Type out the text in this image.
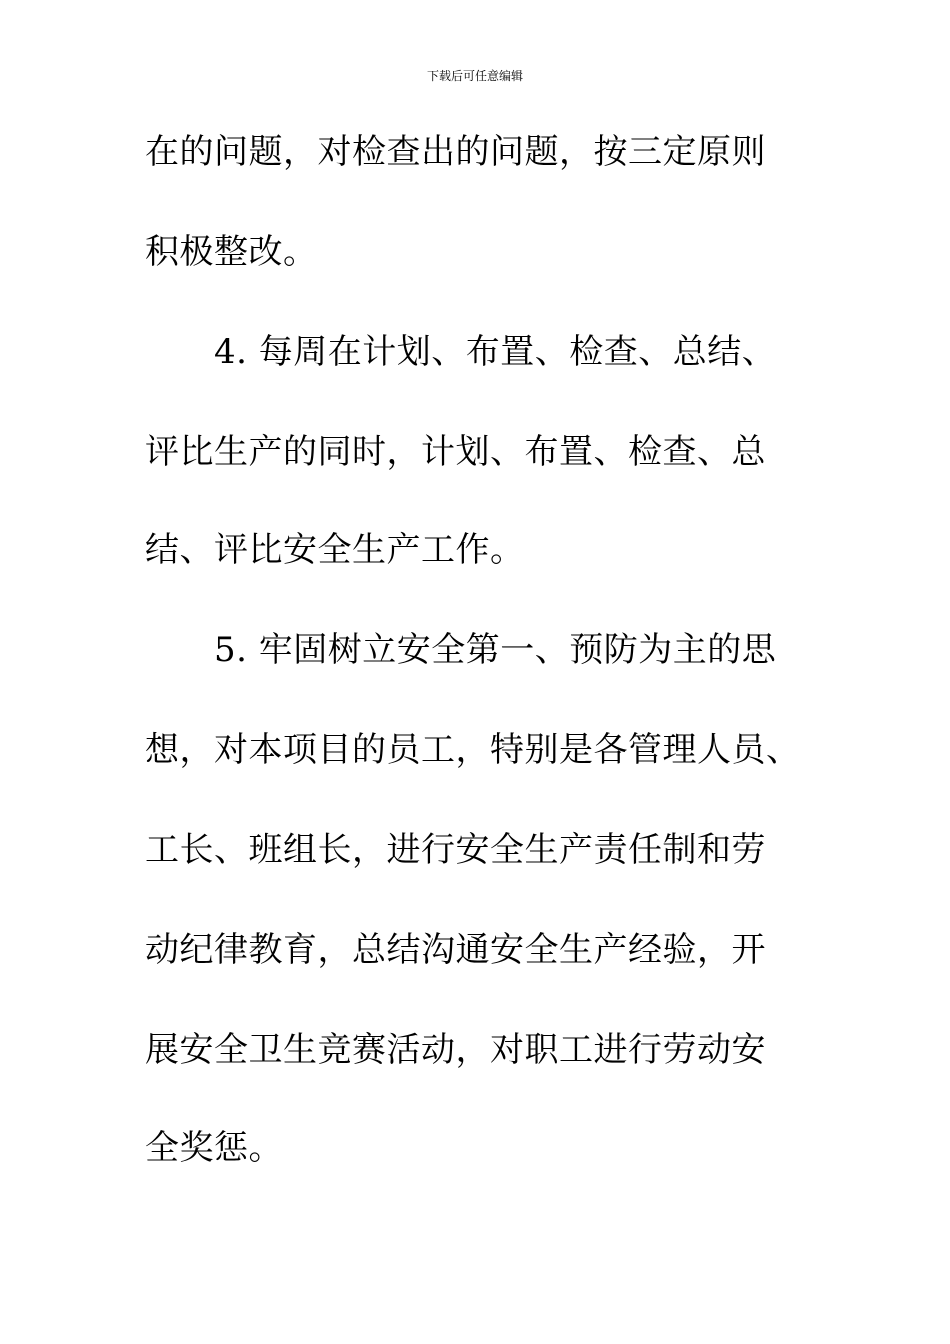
下载后可任意编辑
在的问题，对检查出的问题，按三定原则
积极整改。
4. 每周在计划、布置、检查、总结、
评比生产的同时，计划、布置、检查、总
结、评比安全生产工作。
5. 牢固树立安全第一、预防为主的思
想，对本项目的员工，特别是各管理人员、
工长、班组长，进行安全生产责任制和劳
动纪律教育，总结沟通安全生产经验，开
展安全卫生竞赛活动，对职工进行劳动安
全奖惩。
